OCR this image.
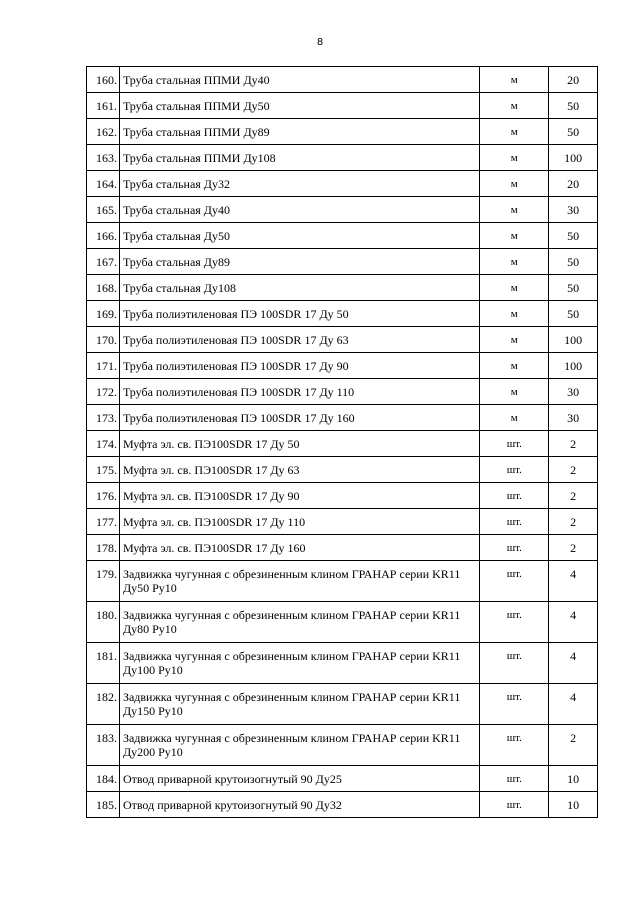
8
160.	Труба стальная ППМИ Ду40	м	20
161.	Труба стальная ППМИ Ду50	м	50
162.	Труба стальная ППМИ Ду89	м	50
163.	Труба стальная ППМИ Ду108	м	100
164.	Труба стальная Ду32	м	20
165.	Труба стальная Ду40	м	30
166.	Труба стальная Ду50	м	50
167.	Труба стальная Ду89	м	50
168.	Труба стальная Ду108	м	50
169.	Труба полиэтиленовая ПЭ 100SDR 17 Ду 50	м	50
170.	Труба полиэтиленовая ПЭ 100SDR 17 Ду 63	м	100
171.	Труба полиэтиленовая ПЭ 100SDR 17 Ду 90	м	100
172.	Труба полиэтиленовая ПЭ 100SDR 17 Ду 110	м	30
173.	Труба полиэтиленовая ПЭ 100SDR 17 Ду 160	м	30
174.	Муфта эл. св. ПЭ100SDR 17 Ду 50	шт.	2
175.	Муфта эл. св. ПЭ100SDR 17 Ду 63	шт.	2
176.	Муфта эл. св. ПЭ100SDR 17 Ду 90	шт.	2
177.	Муфта эл. св. ПЭ100SDR 17 Ду 110	шт.	2
178.	Муфта эл. св. ПЭ100SDR 17 Ду 160	шт.	2
179.	Задвижка чугунная с обрезиненным клином ГРАНАР серии KR11 Ду50 Ру10	шт.	4
180.	Задвижка чугунная с обрезиненным клином ГРАНАР серии KR11 Ду80 Ру10	шт.	4
181.	Задвижка чугунная с обрезиненным клином ГРАНАР серии KR11 Ду100 Ру10	шт.	4
182.	Задвижка чугунная с обрезиненным клином ГРАНАР серии KR11 Ду150 Ру10	шт.	4
183.	Задвижка чугунная с обрезиненным клином ГРАНАР серии KR11 Ду200 Ру10	шт.	2
184.	Отвод приварной крутоизогнутый 90 Ду25	шт.	10
185.	Отвод приварной крутоизогнутый 90 Ду32	шт.	10
